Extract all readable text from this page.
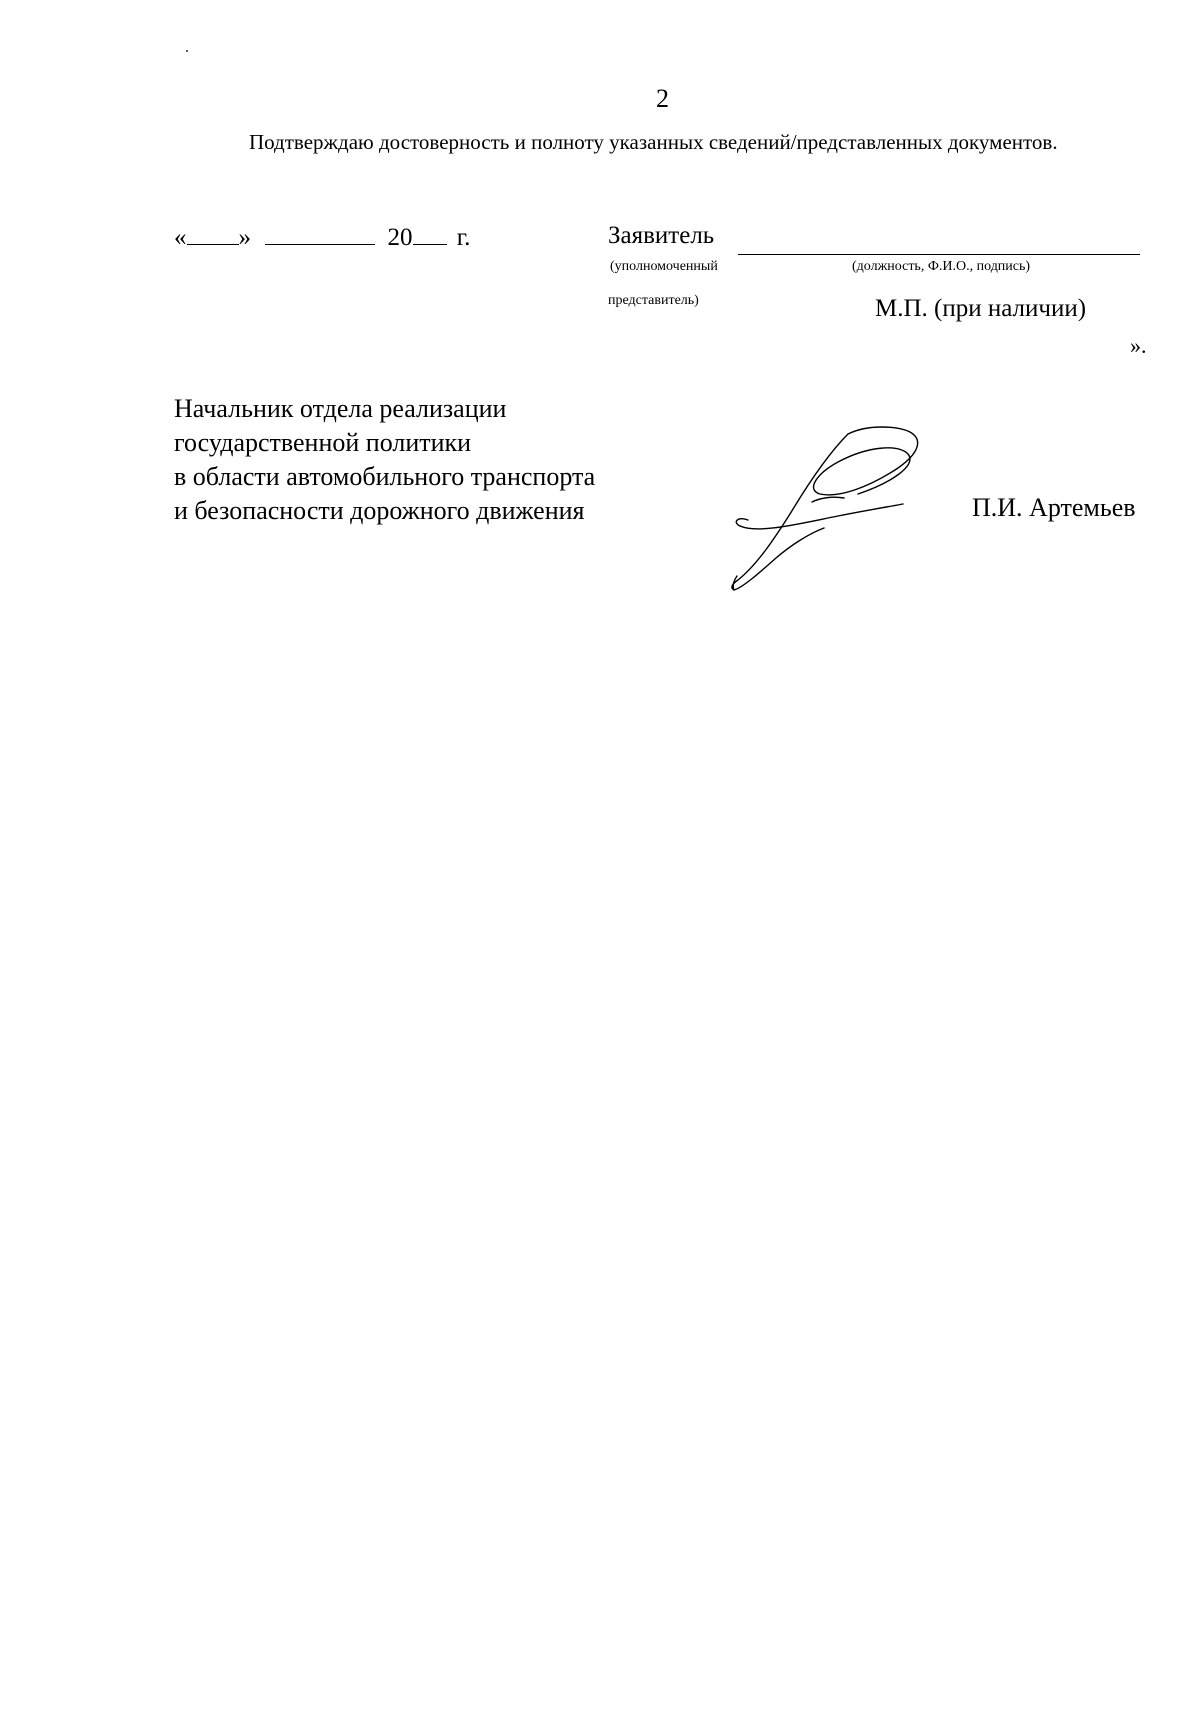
2

Подтверждаю достоверность и полноту указанных сведений/представленных документов.

« »	20 г.	Заявитель
(уполномоченный	(должность, Ф.И.О., подпись)
представитель)	М.П. (при наличии)
».
Начальник отдела реализации
государственной политики
в области автомобильного транспорта
и безопасности дорожного движения	П.И. Артемьев
